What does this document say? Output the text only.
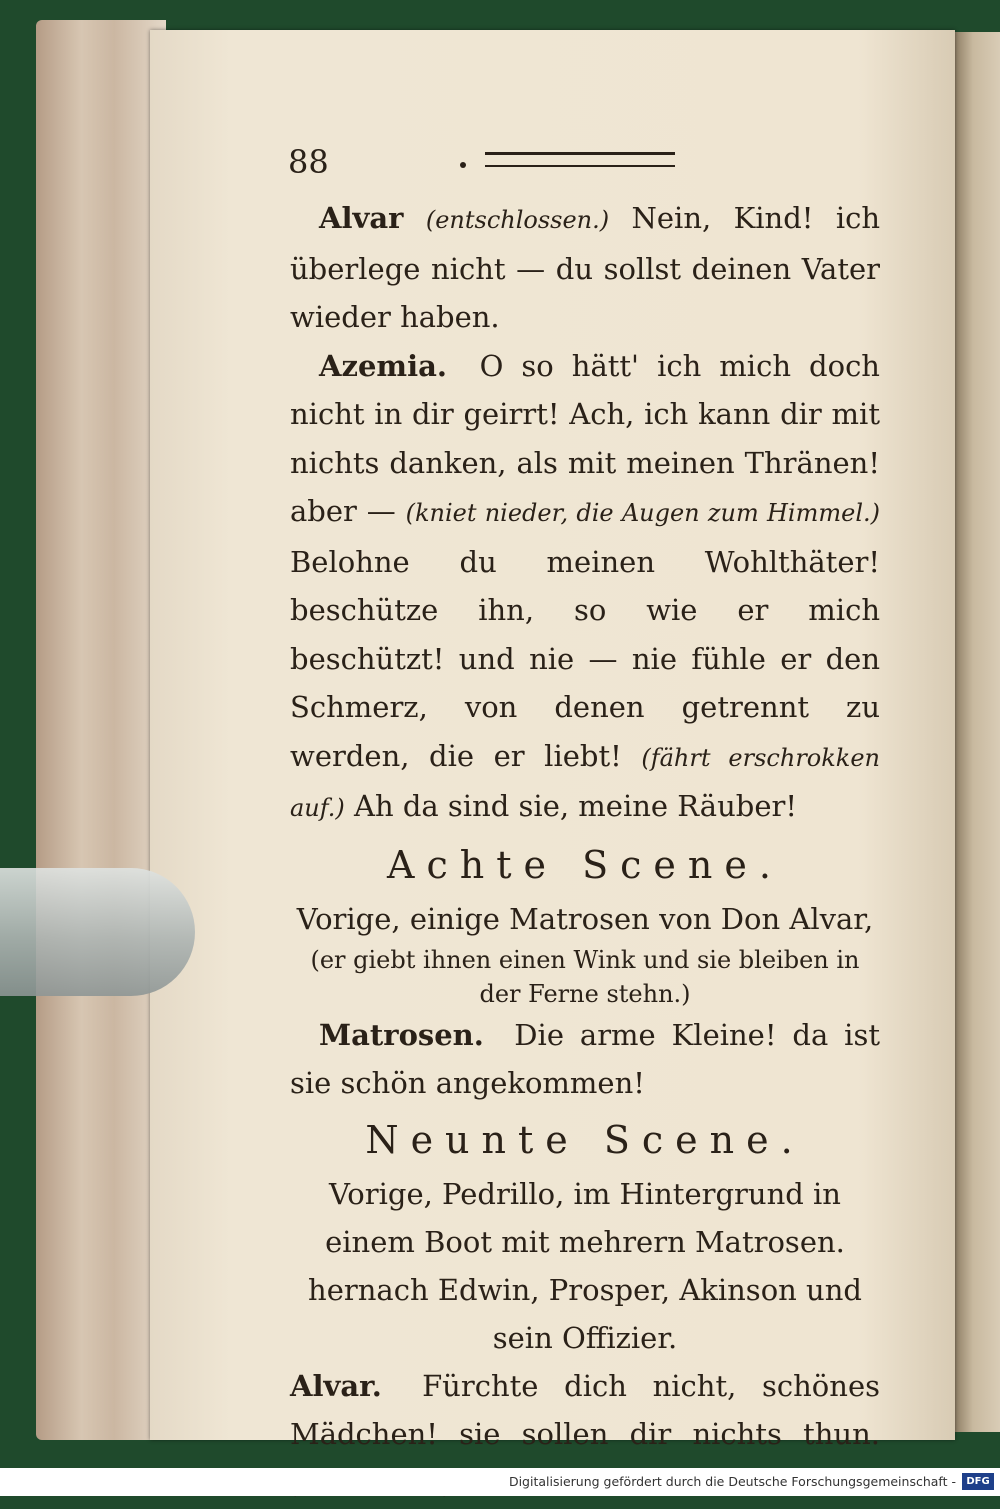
88

 Alvar (entschlossen.) Nein, Kind! ich überlege nicht — du sollst deinen Vater wieder haben.

 Azemia.  O so hätt' ich mich doch nicht in dir geirrt! Ach, ich kann dir mit nichts danken, als mit meinen Thränen! aber — (kniet nieder, die Augen zum Himmel.) Belohne du meinen Wohlthäter! beschütze ihn, so wie er mich beschützt! und nie — nie fühle er den Schmerz, von denen getrennt zu werden, die er liebt! (fährt erschrokken auf.) Ah da sind sie, meine Räuber!

Achte Scene.

Vorige, einige Matrosen von Don Alvar,

(er giebt ihnen einen Wink und sie bleiben in der Ferne stehn.)

 Matrosen.  Die arme Kleine! da ist sie schön angekommen!

Neunte Scene.

Vorige, Pedrillo, im Hintergrund in einem Boot mit mehrern Matrosen. hernach Edwin, Prosper, Akinson und sein Offizier.

Alvar.  Fürchte dich nicht, schönes Mädchen! sie sollen dir nichts thun.

Digitalisierung gefördert durch die Deutsche Forschungsgemeinschaft -	DFG
